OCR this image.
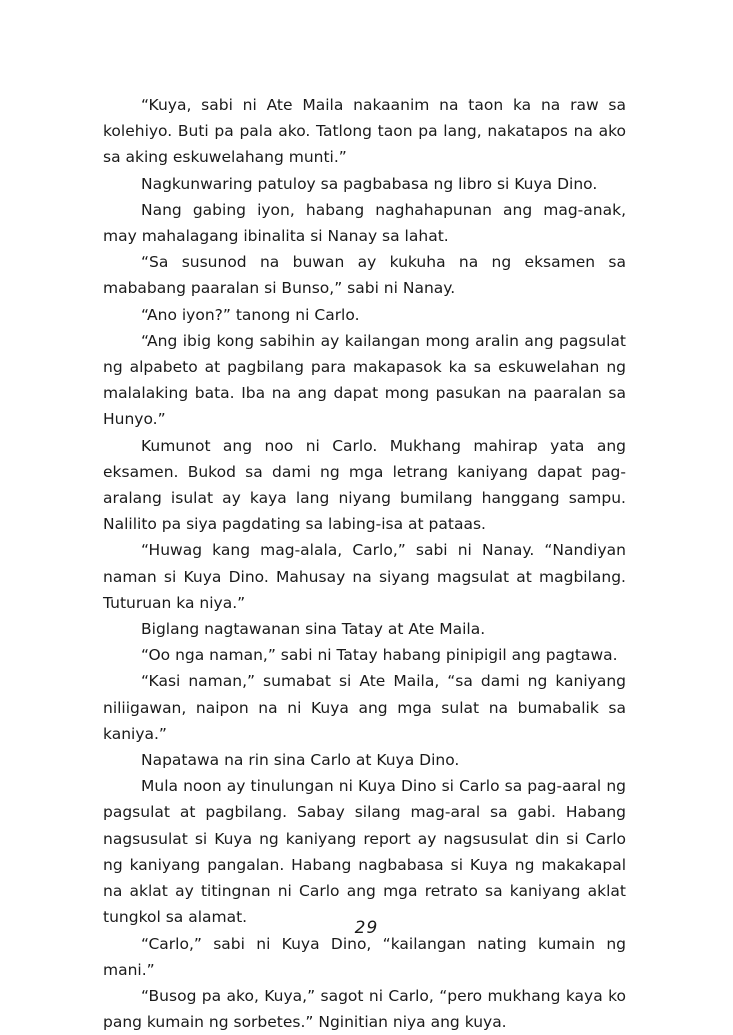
“Kuya, sabi ni Ate Maila nakaanim na taon ka na raw sa kolehiyo. Buti pa pala ako. Tatlong taon pa lang, nakatapos na ako sa aking eskuwelahang munti.”

Nagkunwaring patuloy sa pagbabasa ng libro si Kuya Dino.

Nang gabing iyon, habang naghahapunan ang mag-anak, may mahalagang ibinalita si Nanay sa lahat.

“Sa susunod na buwan ay kukuha na ng eksamen sa mababang paaralan si Bunso,” sabi ni Nanay.

“Ano iyon?” tanong ni Carlo.

“Ang ibig kong sabihin ay kailangan mong aralin ang pagsulat ng alpabeto at pagbilang para makapasok ka sa eskuwelahan ng malalaking bata. Iba na ang dapat mong pasukan na paaralan sa Hunyo.”

Kumunot ang noo ni Carlo. Mukhang mahirap yata ang eksamen. Bukod sa dami ng mga letrang kaniyang dapat pag-aralang isulat ay kaya lang niyang bumilang hanggang sampu. Nalilito pa siya pagdating sa labing-isa at pataas.

“Huwag kang mag-alala, Carlo,” sabi ni Nanay. “Nandiyan naman si Kuya Dino. Mahusay na siyang magsulat at magbilang. Tuturuan ka niya.”

Biglang nagtawanan sina Tatay at Ate Maila.

“Oo nga naman,” sabi ni Tatay habang pinipigil ang pagtawa.

“Kasi naman,” sumabat si Ate Maila, “sa dami ng kaniyang niliigawan, naipon na ni Kuya ang mga sulat na bumabalik sa kaniya.”

Napatawa na rin sina Carlo at Kuya Dino.

Mula noon ay tinulungan ni Kuya Dino si Carlo sa pag-aaral ng pagsulat at pagbilang. Sabay silang mag-aral sa gabi. Habang nagsusulat si Kuya ng kaniyang report ay nagsusulat din si Carlo ng kaniyang pangalan. Habang nagbabasa si Kuya ng makakapal na aklat ay titingnan ni Carlo ang mga retrato sa kaniyang aklat tungkol sa alamat.

“Carlo,” sabi ni Kuya Dino, “kailangan nating kumain ng mani.”

“Busog pa ako, Kuya,” sagot ni Carlo, “pero mukhang kaya ko pang kumain ng sorbetes.” Nginitian niya ang kuya.

29
